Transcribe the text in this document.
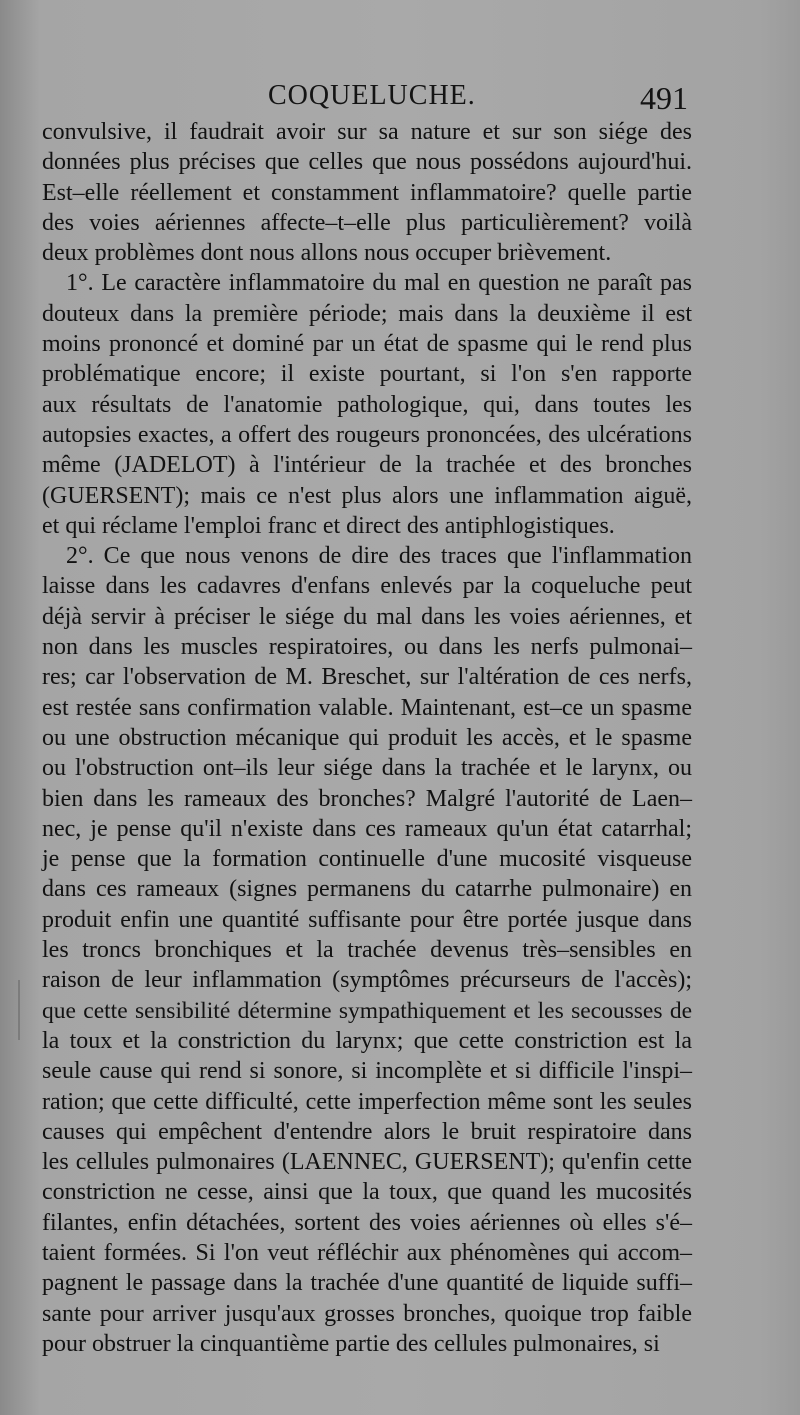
COQUELUCHE.	491
convulsive, il faudrait avoir sur sa nature et sur son siége des
données plus précises que celles que nous possédons aujourd'hui.
Est–elle réellement et constamment inflammatoire? quelle partie
des voies aériennes affecte–t–elle plus particulièrement? voilà
deux problèmes dont nous allons nous occuper brièvement.
1°. Le caractère inflammatoire du mal en question ne paraît pas
douteux dans la première période; mais dans la deuxième il est
moins prononcé et dominé par un état de spasme qui le rend plus
problématique encore; il existe pourtant, si l'on s'en rapporte
aux résultats de l'anatomie pathologique, qui, dans toutes les
autopsies exactes, a offert des rougeurs prononcées, des ulcérations
même (JADELOT) à l'intérieur de la trachée et des bronches
(GUERSENT); mais ce n'est plus alors une inflammation aiguë,
et qui réclame l'emploi franc et direct des antiphlogistiques.
2°. Ce que nous venons de dire des traces que l'inflammation
laisse dans les cadavres d'enfans enlevés par la coqueluche peut
déjà servir à préciser le siége du mal dans les voies aériennes, et
non dans les muscles respiratoires, ou dans les nerfs pulmonai–
res; car l'observation de M. Breschet, sur l'altération de ces nerfs,
est restée sans confirmation valable. Maintenant, est–ce un spasme
ou une obstruction mécanique qui produit les accès, et le spasme
ou l'obstruction ont–ils leur siége dans la trachée et le larynx, ou
bien dans les rameaux des bronches? Malgré l'autorité de Laen–
nec, je pense qu'il n'existe dans ces rameaux qu'un état catarrhal;
je pense que la formation continuelle d'une mucosité visqueuse
dans ces rameaux (signes permanens du catarrhe pulmonaire) en
produit enfin une quantité suffisante pour être portée jusque dans
les troncs bronchiques et la trachée devenus très–sensibles en
raison de leur inflammation (symptômes précurseurs de l'accès);
que cette sensibilité détermine sympathiquement et les secousses de
la toux et la constriction du larynx; que cette constriction est la
seule cause qui rend si sonore, si incomplète et si difficile l'inspi–
ration; que cette difficulté, cette imperfection même sont les seules
causes qui empêchent d'entendre alors le bruit respiratoire dans
les cellules pulmonaires (LAENNEC, GUERSENT); qu'enfin cette
constriction ne cesse, ainsi que la toux, que quand les mucosités
filantes, enfin détachées, sortent des voies aériennes où elles s'é–
taient formées. Si l'on veut réfléchir aux phénomènes qui accom–
pagnent le passage dans la trachée d'une quantité de liquide suffi–
sante pour arriver jusqu'aux grosses bronches, quoique trop faible
pour obstruer la cinquantième partie des cellules pulmonaires, si
